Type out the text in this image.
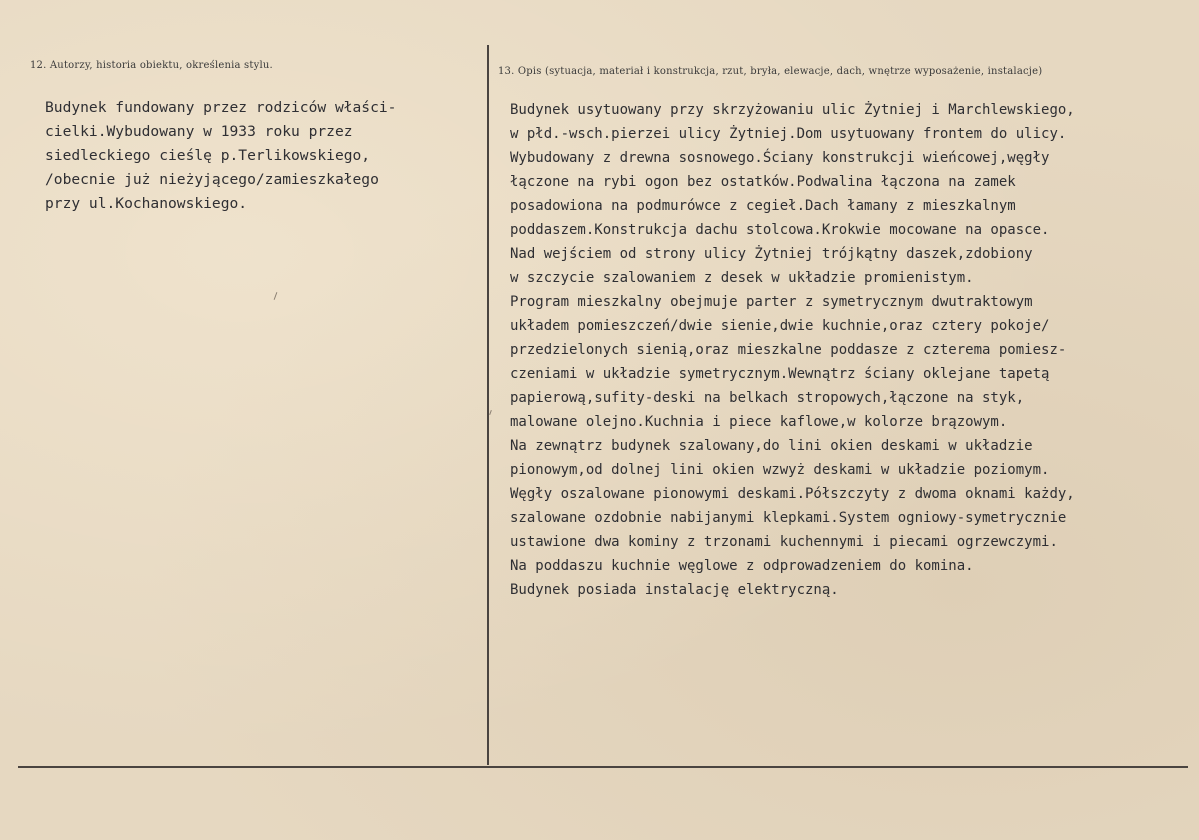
12. Autorzy, historia obiektu, określenia stylu.
13. Opis (sytuacja, materiał i konstrukcja, rzut, bryła, elewacje, dach, wnętrze wyposażenie, instalacje)
Budynek fundowany przez rodziców właści-
cielki.Wybudowany w 1933 roku przez
siedleckiego cieślę p.Terlikowskiego,
/obecnie już nieżyjącego/zamieszkałego
przy ul.Kochanowskiego.
Budynek usytuowany przy skrzyżowaniu ulic Żytniej i Marchlewskiego,
w płd.-wsch.pierzei ulicy Żytniej.Dom usytuowany frontem do ulicy.
Wybudowany z drewna sosnowego.Ściany konstrukcji wieńcowej,węgły
łączone na rybi ogon bez ostatków.Podwalina łączona na zamek
posadowiona na podmurówce z cegieł.Dach łamany z mieszkalnym
poddaszem.Konstrukcja dachu stolcowa.Krokwie mocowane na opasce.
Nad wejściem od strony ulicy Żytniej trójkątny daszek,zdobiony
w szczycie szalowaniem z desek w układzie promienistym.
Program mieszkalny obejmuje parter z symetrycznym dwutraktowym
układem pomieszczeń/dwie sienie,dwie kuchnie,oraz cztery pokoje/
przedzielonych sienią,oraz mieszkalne poddasze z czterema pomiesz-
czeniami w układzie symetrycznym.Wewnątrz ściany oklejane tapetą
papierową,sufity-deski na belkach stropowych,łączone na styk,
malowane olejno.Kuchnia i piece kaflowe,w kolorze brązowym.
Na zewnątrz budynek szalowany,do lini okien deskami w układzie
pionowym,od dolnej lini okien wzwyż deskami w układzie poziomym.
Węgły oszalowane pionowymi deskami.Półszczyty z dwoma oknami każdy,
szalowane ozdobnie nabijanymi klepkami.System ogniowy-symetrycznie
ustawione dwa kominy z trzonami kuchennymi i piecami ogrzewczymi.
Na poddaszu kuchnie węglowe z odprowadzeniem do komina.
Budynek posiada instalację elektryczną.
